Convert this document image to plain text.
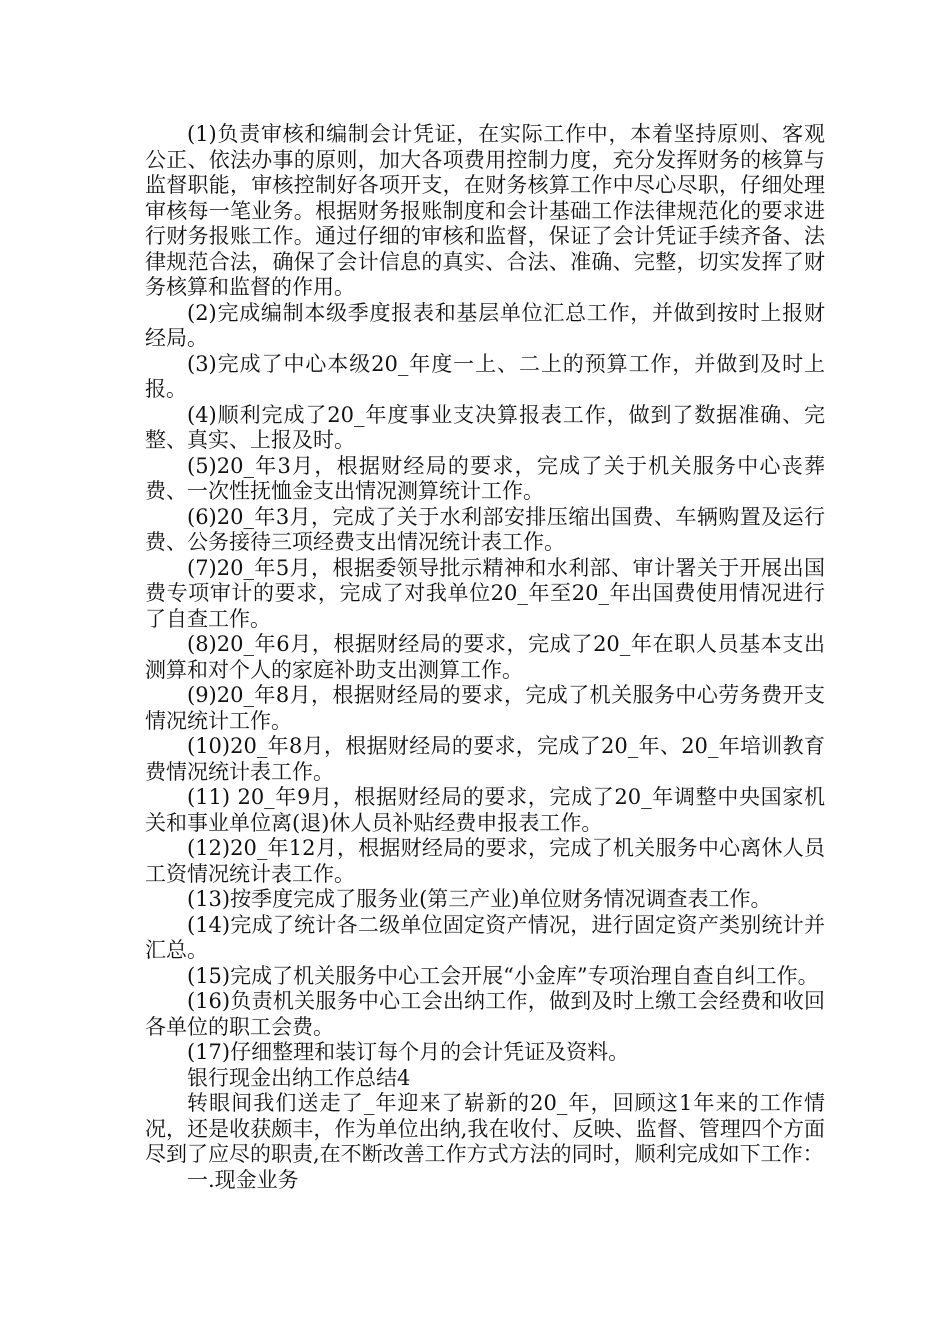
(1)负责审核和编制会计凭证，在实际工作中，本着坚持原则、客观公正、依法办事的原则，加大各项费用控制力度，充分发挥财务的核算与监督职能，审核控制好各项开支，在财务核算工作中尽心尽职，仔细处理审核每一笔业务。根据财务报账制度和会计基础工作法律规范化的要求进行财务报账工作。通过仔细的审核和监督，保证了会计凭证手续齐备、法律规范合法，确保了会计信息的真实、合法、准确、完整，切实发挥了财务核算和监督的作用。

(2)完成编制本级季度报表和基层单位汇总工作，并做到按时上报财经局。

(3)完成了中心本级20_年度一上、二上的预算工作，并做到及时上报。

(4)顺利完成了20_年度事业支决算报表工作，做到了数据准确、完整、真实、上报及时。

(5)20_年3月，根据财经局的要求，完成了关于机关服务中心丧葬费、一次性抚恤金支出情况测算统计工作。

(6)20_年3月，完成了关于水利部安排压缩出国费、车辆购置及运行费、公务接待三项经费支出情况统计表工作。

(7)20_年5月，根据委领导批示精神和水利部、审计署关于开展出国费专项审计的要求，完成了对我单位20_年至20_年出国费使用情况进行了自查工作。

(8)20_年6月，根据财经局的要求，完成了20_年在职人员基本支出测算和对个人的家庭补助支出测算工作。

(9)20_年8月，根据财经局的要求，完成了机关服务中心劳务费开支情况统计工作。

(10)20_年8月，根据财经局的要求，完成了20_年、20_年培训教育费情况统计表工作。

(11) 20_年9月，根据财经局的要求，完成了20_年调整中央国家机关和事业单位离(退)休人员补贴经费申报表工作。

(12)20_年12月，根据财经局的要求，完成了机关服务中心离休人员工资情况统计表工作。

(13)按季度完成了服务业(第三产业)单位财务情况调查表工作。

(14)完成了统计各二级单位固定资产情况，进行固定资产类别统计并汇总。

(15)完成了机关服务中心工会开展“小金库”专项治理自查自纠工作。

(16)负责机关服务中心工会出纳工作，做到及时上缴工会经费和收回各单位的职工会费。

(17)仔细整理和装订每个月的会计凭证及资料。

银行现金出纳工作总结4

转眼间我们送走了_年迎来了崭新的20_年，回顾这1年来的工作情况，还是收获颇丰，作为单位出纳,我在收付、反映、监督、管理四个方面尽到了应尽的职责,在不断改善工作方式方法的同时，顺利完成如下工作：

一.现金业务
